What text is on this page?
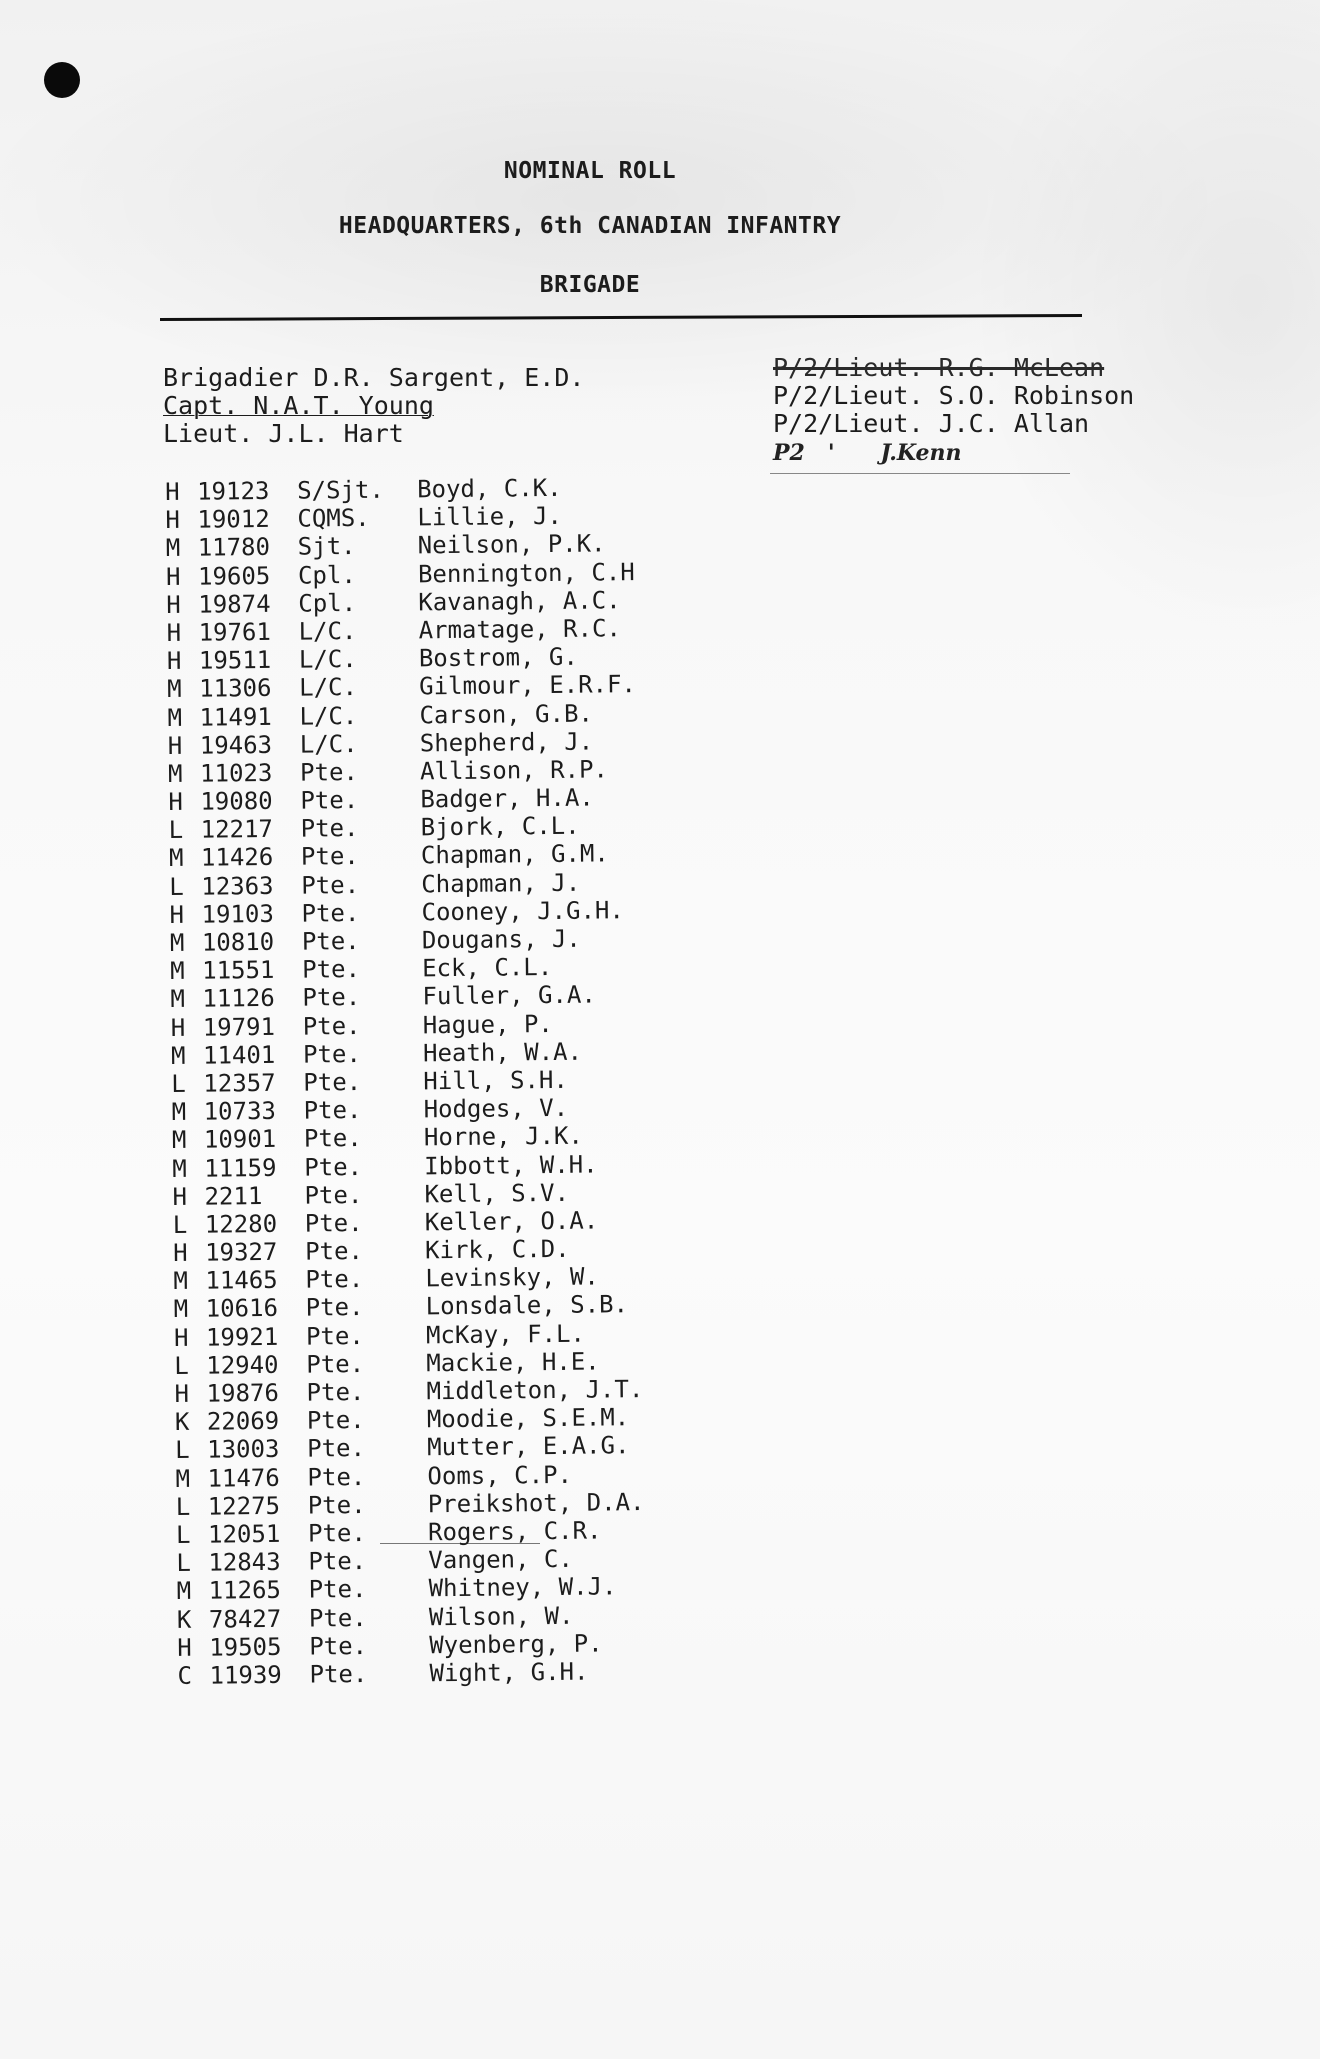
NOMINAL ROLL
HEADQUARTERS, 6th CANADIAN INFANTRY
BRIGADE
Brigadier D.R. Sargent, E.D.
Capt. N.A.T. Young
Lieut. J.L. Hart
P/2/Lieut. R.G. McLean
P/2/Lieut. S.O. Robinson
P/2/Lieut. J.C. Allan
P2   '      J.Kenn
H 19123 S/Sjt. Boyd, C.K.
H 19012 CQMS. Lillie, J.
M 11780 Sjt.	Neilson, P.K.
H 19605 Cpl.	Bennington, C.H
H 19874 Cpl.	Kavanagh, A.C.
H 19761 L/C.	Armatage, R.C.
H 19511 L/C.	Bostrom, G.
M 11306 L/C.	Gilmour, E.R.F.
M 11491 L/C.	Carson, G.B.
H 19463 L/C.	Shepherd, J.
M 11023 Pte.	Allison, R.P.
H 19080 Pte.	Badger, H.A.
L 12217 Pte.	Bjork, C.L.
M 11426 Pte.	Chapman, G.M.
L 12363 Pte.	Chapman, J.
H 19103 Pte.	Cooney, J.G.H.
M 10810 Pte.	Dougans, J.
M 11551 Pte.	Eck, C.L.
M 11126 Pte.	Fuller, G.A.
H 19791 Pte.	Hague, P.
M 11401 Pte.	Heath, W.A.
L 12357 Pte.	Hill, S.H.
M 10733 Pte.	Hodges, V.
M 10901 Pte.	Horne, J.K.
M 11159 Pte.	Ibbott, W.H.
H 2211 Pte.	Kell, S.V.
L 12280 Pte.	Keller, O.A.
H 19327 Pte.	Kirk, C.D.
M 11465 Pte.	Levinsky, W.
M 10616 Pte.	Lonsdale, S.B.
H 19921 Pte.	McKay, F.L.
L 12940 Pte.	Mackie, H.E.
H 19876 Pte.	Middleton, J.T.
K 22069 Pte.	Moodie, S.E.M.
L 13003 Pte.	Mutter, E.A.G.
M 11476 Pte.	Ooms, C.P.
L 12275 Pte.	Preikshot, D.A.
L 12051 Pte.	Rogers, C.R.
L 12843 Pte.	Vangen, C.
M 11265 Pte.	Whitney, W.J.
K 78427 Pte.	Wilson, W.
H 19505 Pte.	Wyenberg, P.
C 11939 Pte.	Wight, G.H.
